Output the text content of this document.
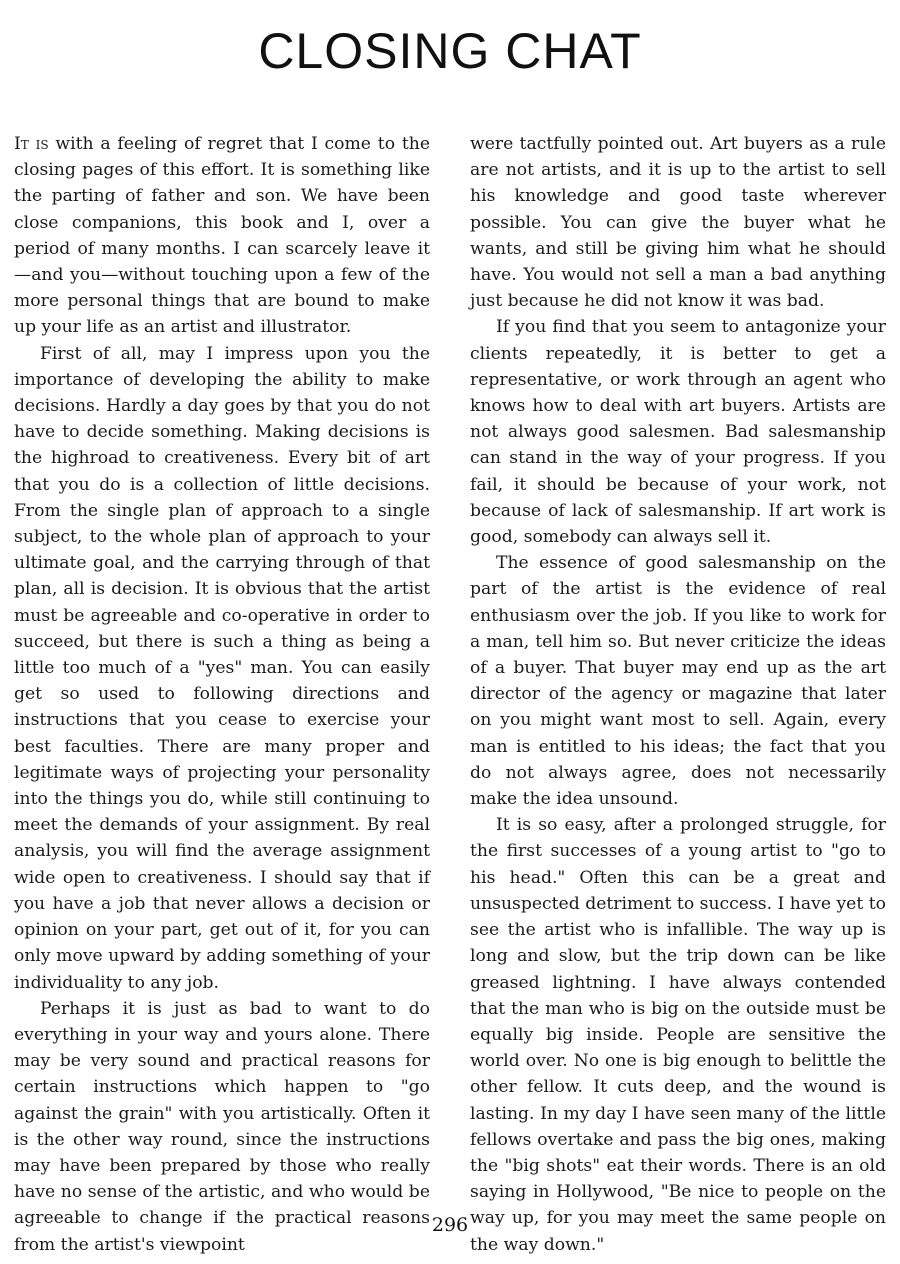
CLOSING CHAT

It is with a feeling of regret that I come to the closing pages of this effort. It is something like the parting of father and son. We have been close companions, this book and I, over a period of many months. I can scarcely leave it—and you—without touching upon a few of the more personal things that are bound to make up your life as an artist and illustrator.

First of all, may I impress upon you the importance of developing the ability to make decisions. Hardly a day goes by that you do not have to decide something. Making decisions is the highroad to creativeness. Every bit of art that you do is a collection of little decisions. From the single plan of approach to a single subject, to the whole plan of approach to your ultimate goal, and the carrying through of that plan, all is decision. It is obvious that the artist must be agreeable and co-operative in order to succeed, but there is such a thing as being a little too much of a "yes" man. You can easily get so used to following directions and instructions that you cease to exercise your best faculties. There are many proper and legitimate ways of projecting your personality into the things you do, while still continuing to meet the demands of your assignment. By real analysis, you will find the average assignment wide open to creativeness. I should say that if you have a job that never allows a decision or opinion on your part, get out of it, for you can only move upward by adding something of your individuality to any job.

Perhaps it is just as bad to want to do everything in your way and yours alone. There may be very sound and practical reasons for certain instructions which happen to "go against the grain" with you artistically. Often it is the other way round, since the instructions may have been prepared by those who really have no sense of the artistic, and who would be agreeable to change if the practical reasons from the artist's viewpoint

were tactfully pointed out. Art buyers as a rule are not artists, and it is up to the artist to sell his knowledge and good taste wherever possible. You can give the buyer what he wants, and still be giving him what he should have. You would not sell a man a bad anything just because he did not know it was bad.

If you find that you seem to antagonize your clients repeatedly, it is better to get a representative, or work through an agent who knows how to deal with art buyers. Artists are not always good salesmen. Bad salesmanship can stand in the way of your progress. If you fail, it should be because of your work, not because of lack of salesmanship. If art work is good, somebody can always sell it.

The essence of good salesmanship on the part of the artist is the evidence of real enthusiasm over the job. If you like to work for a man, tell him so. But never criticize the ideas of a buyer. That buyer may end up as the art director of the agency or magazine that later on you might want most to sell. Again, every man is entitled to his ideas; the fact that you do not always agree, does not necessarily make the idea unsound.

It is so easy, after a prolonged struggle, for the first successes of a young artist to "go to his head." Often this can be a great and unsuspected detriment to success. I have yet to see the artist who is infallible. The way up is long and slow, but the trip down can be like greased lightning. I have always contended that the man who is big on the outside must be equally big inside. People are sensitive the world over. No one is big enough to belittle the other fellow. It cuts deep, and the wound is lasting. In my day I have seen many of the little fellows overtake and pass the big ones, making the "big shots" eat their words. There is an old saying in Hollywood, "Be nice to people on the way up, for you may meet the same people on the way down."

296
